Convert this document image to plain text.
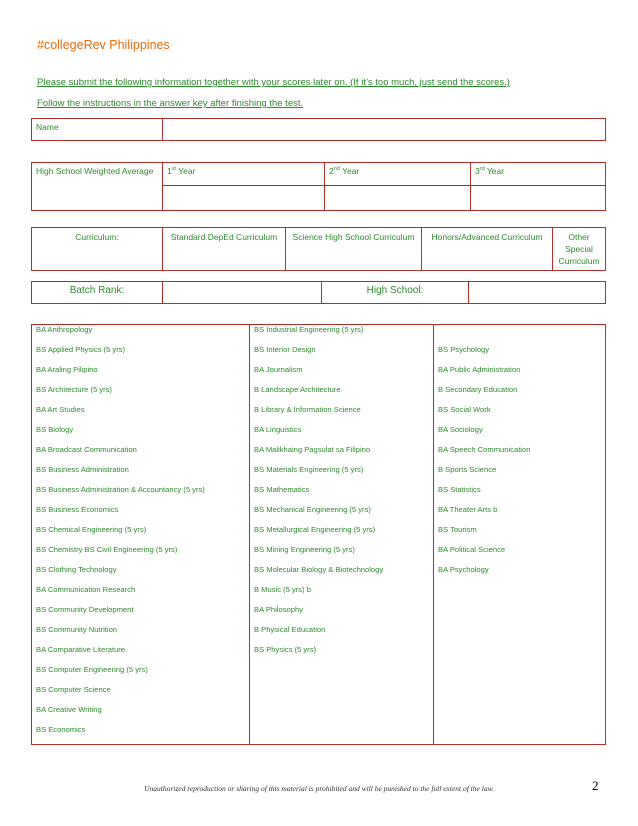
#collegeRev Philippines
Please submit the following information together with your scores later on. (If it’s too much, just send the scores.)
Follow the instructions in the answer key after finishing the test.
Name	
High School Weighted Average	1st Year	2nd Year	3rd Year

Curriculum:	Standard DepEd Curriculum	Science High School Curriculum	Honors/Advanced Curriculum	Other Special Curriculum
Batch Rank:		High School:	
BA Anthropology
BS Applied Physics (5 yrs)
BA Araling Pilipino
BS Architecture (5 yrs)
BA Art Studies
BS Biology
BA Broadcast Communication
BS Business Administration
BS Business Administration & Accountancy (5 yrs)
BS Business Economics
BS Chemical Engineering (5 yrs)
BS Chemistry BS Civil Engineering (5 yrs)
BS Clothing Technology
BA Communication Research
BS Community Development
BS Community Nutrition
BA Comparative Literature
BS Computer Engineering (5 yrs)
BS Computer Science
BA Creative Writing
BS Economics

BS Industrial Engineering (5 yrs)
BS Interior Design
BA Journalism
B Landscape Architecture
B Library & Information Science
BA Linguistics
BA Malikhaing Pagsulat sa Filipino
BS Materials Engineering (5 yrs)
BS Mathematics
BS Mechanical Engineering (5 yrs)
BS Metallurgical Engineering (5 yrs)
BS Mining Engineering (5 yrs)
BS Molecular Biology & Biotechnology
B Music (5 yrs) b
BA Philosophy
B Physical Education
BS Physics (5 yrs)

BS Psychology
BA Public Administration
B Secondary Education
BS Social Work
BA Sociology
BA Speech Communication
B Sports Science
BS Statistics
BA Theater Arts b
BS Tourism
BA Political Science
BA Psychology
Unauthorized reproduction or sharing of this material is prohibited and will be punished to the full extent of the law.	2
